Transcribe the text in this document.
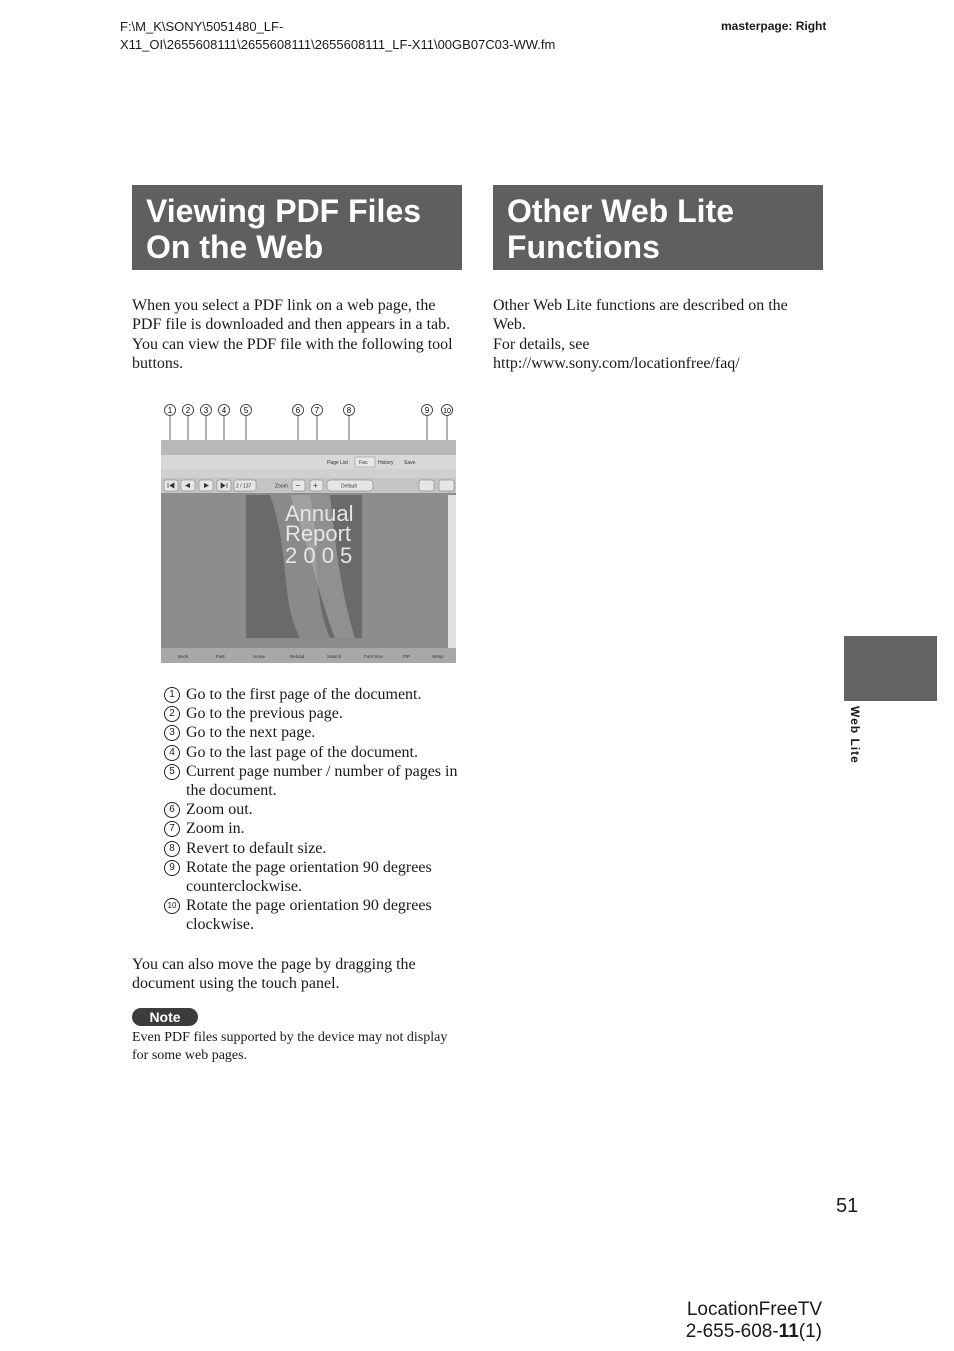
F:\M_K\SONY\5051480_LF-
X11_OI\2655608111\2655608111\2655608111_LF-X11\00GB07C03-WW.fm
masterpage: Right
Viewing PDF Files
On the Web
Other Web Lite
Functions
When you select a PDF link on a web page, the PDF file is downloaded and then appears in a tab. You can view the PDF file with the following tool buttons.
Other Web Lite functions are described on the Web.
For details, see
http://www.sony.com/locationfree/faq/
1 2 3 4 5	6 7	8	9 10
Page List Fav. History Save
2 / 137	Zoom − +	Default
Annual
Report
2 0 0 5
Back	Fwd	Home	Reload	Search	Font Size	PIP	Setup
1 Go to the first page of the document.
2 Go to the previous page.
3 Go to the next page.
4 Go to the last page of the document.
5 Current page number / number of pages in the document.
6 Zoom out.
7 Zoom in.
8 Revert to default size.
9 Rotate the page orientation 90 degrees counterclockwise.
10 Rotate the page orientation 90 degrees clockwise.
You can also move the page by dragging the document using the touch panel.
Note
Even PDF files supported by the device may not display for some web pages.
Web Lite
51
LocationFreeTV
2-655-608-11(1)
